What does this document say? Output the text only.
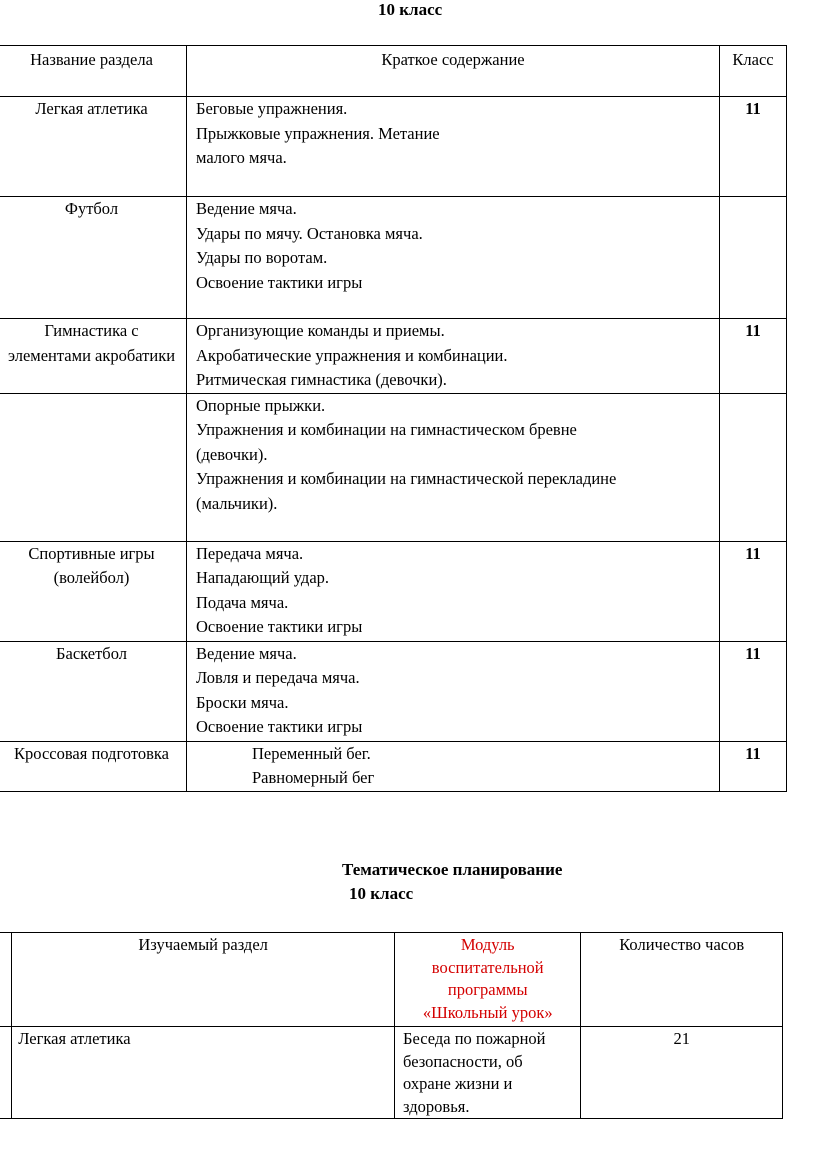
10 класс
Название раздела	Краткое содержание	Класс

Легкая атлетика	Беговые упражнения.
Прыжковые упражнения. Метание
малого мяча.	11

Футбол	Ведение мяча.
Удары по мячу. Остановка мяча.
Удары по воротам.
Освоение тактики игры	

Гимнастика с
элементами акробатики	Организующие команды и приемы.
Акробатические упражнения и комбинации.
Ритмическая гимнастика (девочки).	11

	Опорные прыжки.
Упражнения и комбинации на гимнастическом бревне
(девочки).
Упражнения и комбинации на гимнастической перекладине
(мальчики).	

Спортивные игры
(волейбол)	Передача мяча.
Нападающий удар.
Подача мяча.
Освоение тактики игры	11

Баскетбол	Ведение мяча.
Ловля и передача мяча.
Броски мяча.
Освоение тактики игры	11

Кроссовая подготовка	Переменный бег.
Равномерный бег	11
Тематическое планирование
10 класс
	Изучаемый раздел	Модуль
воспитательной
программы
«Школьный урок»	Количество часов
	Легкая атлетика	Беседа по пожарной
безопасности, об
охране жизни и
здоровья.	21
